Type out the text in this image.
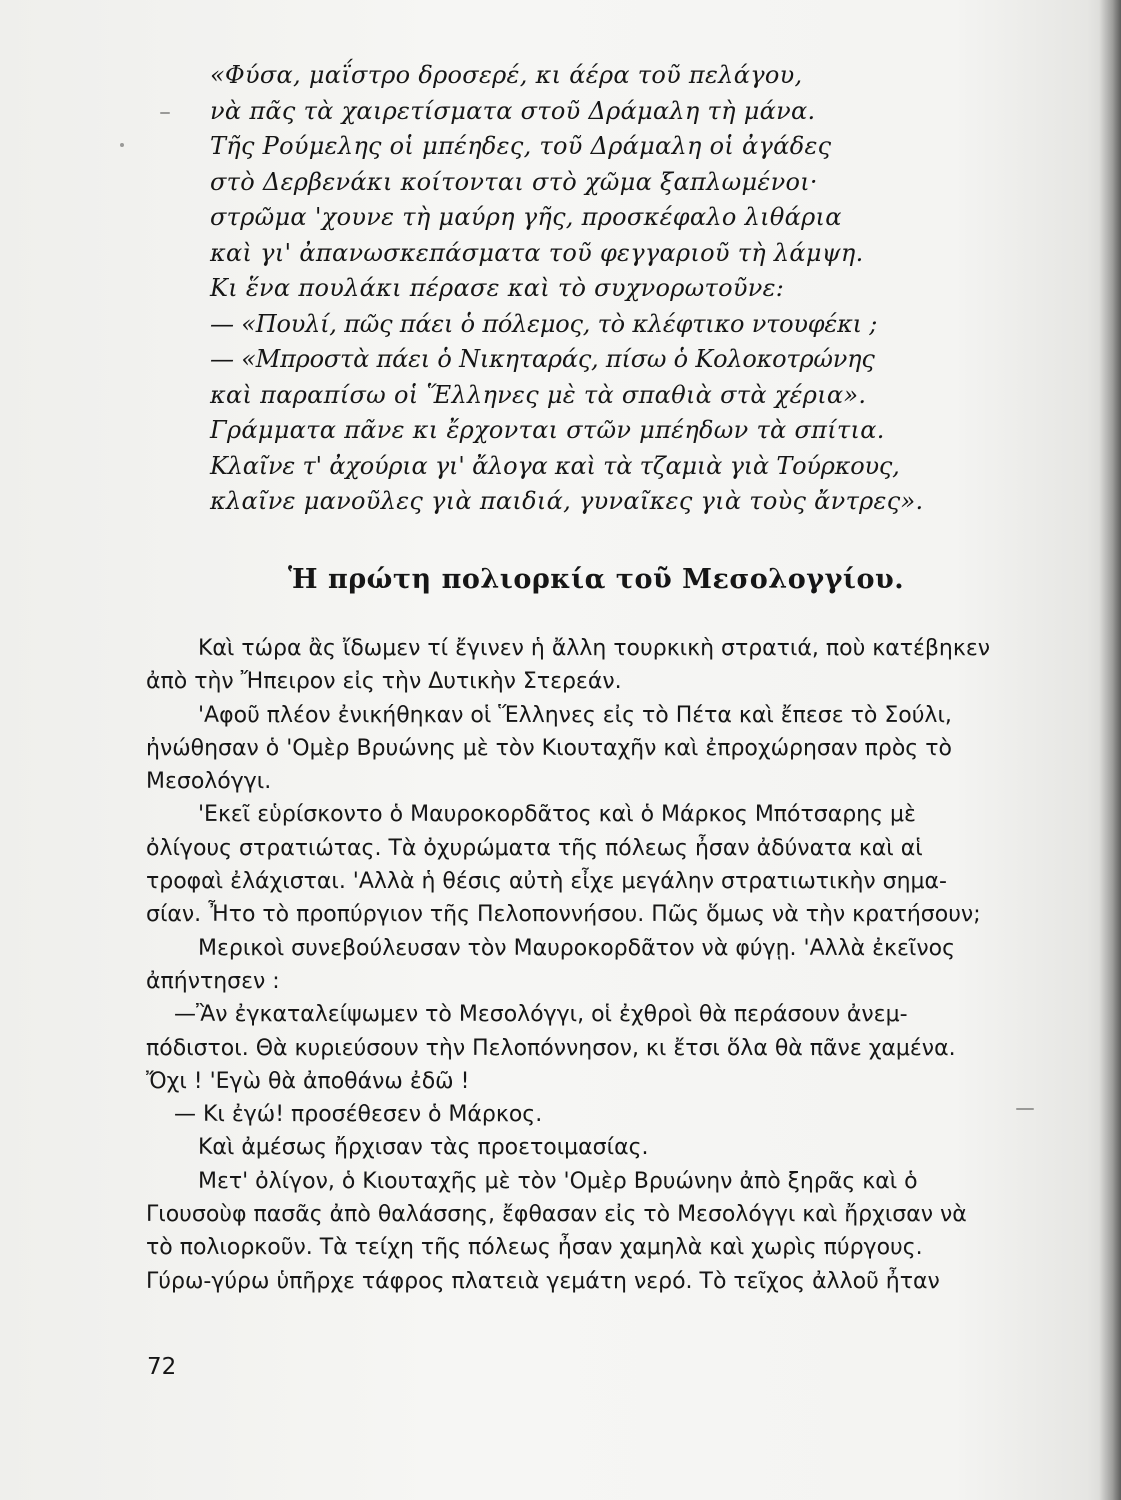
«Φύσα, μαΐστρο δροσερέ, κι άέρα τοῦ πελάγου,
νὰ πᾶς τὰ χαιρετίσματα στοῦ Δράμαλη τὴ μάνα.
Τῆς Ρούμελης οἱ μπέηδες, τοῦ Δράμαλη οἱ ἀγάδες
στὸ Δερβενάκι κοίτονται στὸ χῶμα ξαπλωμένοι·
στρῶμα 'χουνε τὴ μαύρη γῆς, προσκέφαλο λιθάρια
καὶ γι' ἀπανωσκεπάσματα τοῦ φεγγαριοῦ τὴ λάμψη.
Κι ἕνα πουλάκι πέρασε καὶ τὸ συχνορωτοῦνε:
— «Πουλί, πῶς πάει ὁ πόλεμος, τὸ κλέφτικο ντουφέκι ;
— «Μπροστὰ πάει ὁ Νικηταράς, πίσω ὁ Κολοκοτρώνης
καὶ παραπίσω οἱ Ἕλληνες μὲ τὰ σπαθιὰ στὰ χέρια».
Γράμματα πᾶνε κι ἔρχονται στῶν μπέηδων τὰ σπίτια.
Κλαῖνε τ' ἀχούρια γι' ἄλογα καὶ τὰ τζαμιὰ γιὰ Τούρκους,
κλαῖνε μανοῦλες γιὰ παιδιά, γυναῖκες γιὰ τοὺς ἄντρες».
Ἡ πρώτη πολιορκία τοῦ Μεσολογγίου.
Καὶ τώρα ἂς ἴδωμεν τί ἔγινεν ἡ ἄλλη τουρκικὴ στρατιά, ποὺ κατέβηκεν
ἀπὸ τὴν Ἤπειρον εἰς τὴν Δυτικὴν Στερεάν.
'Αφοῦ πλέον ἐνικήθηκαν οἱ Ἕλληνες εἰς τὸ Πέτα καὶ ἔπεσε τὸ Σούλι,
ἠνώθησαν ὁ 'Ομὲρ Βρυώνης μὲ τὸν Κιουταχῆν καὶ ἐπροχώρησαν πρὸς τὸ
Μεσολόγγι.
'Εκεῖ εὑρίσκοντο ὁ Μαυροκορδᾶτος καὶ ὁ Μάρκος Μπότσαρης μὲ
ὀλίγους στρατιώτας. Τὰ ὀχυρώματα τῆς πόλεως ἦσαν ἀδύνατα καὶ αἱ
τροφαὶ ἐλάχισται. 'Αλλὰ ἡ θέσις αὐτὴ εἶχε μεγάλην στρατιωτικὴν σημα-
σίαν. Ἦτο τὸ προπύργιον τῆς Πελοποννήσου. Πῶς ὅμως νὰ τὴν κρατήσουν;
Μερικοὶ συνεβούλευσαν τὸν Μαυροκορδᾶτον νὰ φύγῃ. 'Αλλὰ ἐκεῖνος
ἀπήντησεν :
—Ἂν ἐγκαταλείψωμεν τὸ Μεσολόγγι, οἱ ἐχθροὶ θὰ περάσουν ἀνεμ-
πόδιστοι. Θὰ κυριεύσουν τὴν Πελοπόννησον, κι ἔτσι ὅλα θὰ πᾶνε χαμένα.
Ὄχι ! 'Εγὼ θὰ ἀποθάνω ἐδῶ !
— Κι ἐγώ! προσέθεσεν ὁ Μάρκος.
Καὶ ἀμέσως ἤρχισαν τὰς προετοιμασίας.
Μετ' ὀλίγον, ὁ Κιουταχῆς μὲ τὸν 'Ομὲρ Βρυώνην ἀπὸ ξηρᾶς καὶ ὁ
Γιουσοὺφ πασᾶς ἀπὸ θαλάσσης, ἔφθασαν εἰς τὸ Μεσολόγγι καὶ ἤρχισαν νὰ
τὸ πολιορκοῦν. Τὰ τείχη τῆς πόλεως ἦσαν χαμηλὰ καὶ χωρὶς πύργους.
Γύρω-γύρω ὑπῆρχε τάφρος πλατειὰ γεμάτη νερό. Τὸ τεῖχος ἀλλοῦ ἦταν
72
